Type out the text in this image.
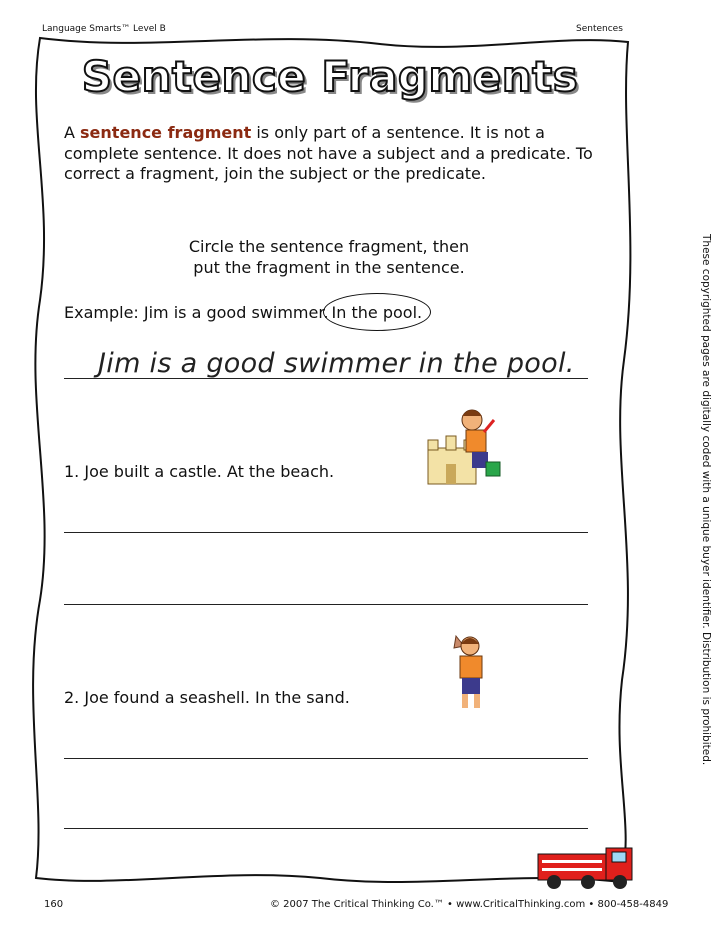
Language Smarts™ Level B	Sentences
Sentence Fragments
A sentence fragment is only part of a sentence. It is not a complete sentence. It does not have a subject and a predicate. To correct a fragment, join the subject or the predicate.
Circle the sentence fragment, then
put the fragment in the sentence.
Example: Jim is a good swimmer. In the pool.
Jim is a good swimmer in the pool.
1. Joe built a castle. At the beach.
2. Joe found a seashell. In the sand.	These copyrighted pages are digitally coded with a unique buyer identifier. Distribution is prohibited.
160	© 2007 The Critical Thinking Co.™ • www.CriticalThinking.com • 800-458-4849
